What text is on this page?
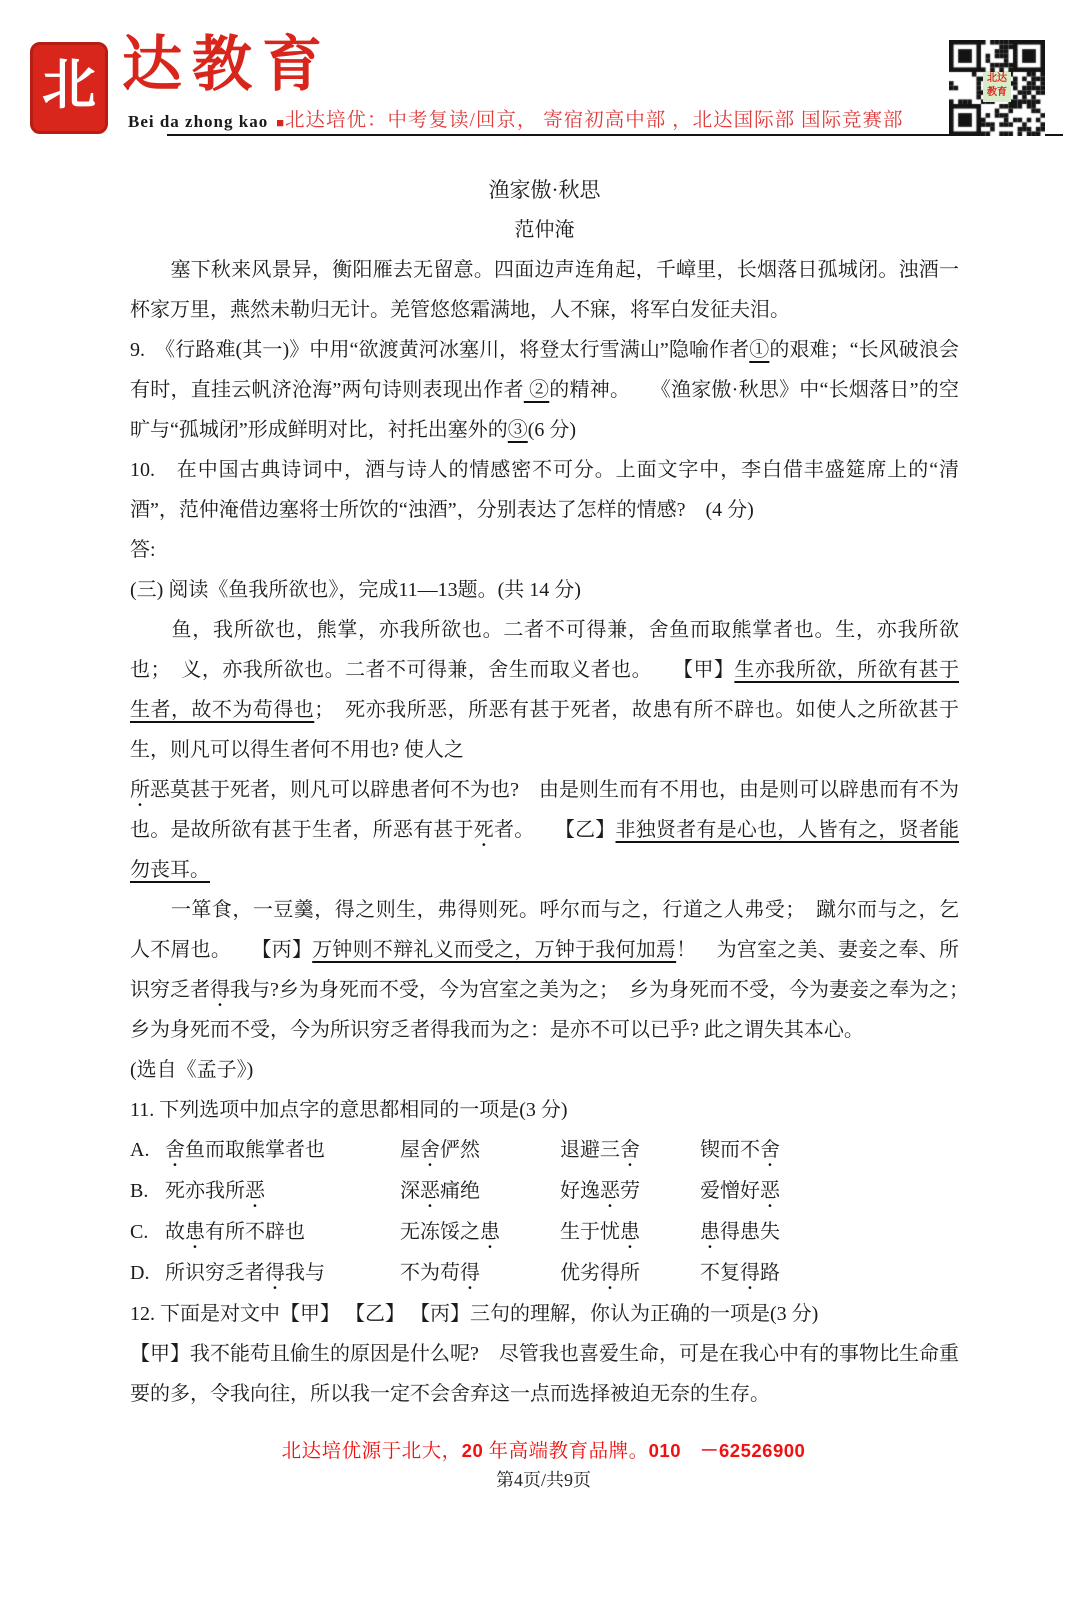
北 达教育
Bei da zhong kao ■ 北达培优：中考复读/回京， 寄宿初高中部 ，北达国际部 国际竞赛部
北达教育

渔家傲·秋思

范仲淹

　　塞下秋来风景异，衡阳雁去无留意。四面边声连角起，千嶂里，长烟落日孤城闭。浊酒一杯家万里，燕然未勒归无计。羌管悠悠霜满地，人不寐，将军白发征夫泪。

9.　《行路难(其一)》中用“欲渡黄河冰塞川，将登太行雪满山”隐喻作者①的艰难；“长风破浪会有时，直挂云帆济沧海”两句诗则表现出作者 ②的精神。　　《渔家傲·秋思》中“长烟落日”的空旷与“孤城闭”形成鲜明对比，衬托出塞外的③(6 分)

10.　在中国古典诗词中，酒与诗人的情感密不可分。上面文字中，李白借丰盛筵席上的“清酒”，范仲淹借边塞将士所饮的“浊酒”，分别表达了怎样的情感?　(4 分)

答:

(三) 阅读《鱼我所欲也》，完成11—13题。(共 14 分)

　　鱼，我所欲也，熊掌，亦我所欲也。二者不可得兼，舍鱼而取熊掌者也。生，亦我所欲也；　义，亦我所欲也。二者不可得兼，舍生而取义者也。　　【甲】生亦我所欲，所欲有甚于生者，故不为苟得也；　死亦我所恶，所恶有甚于死者，故患有所不辟也。如使人之所欲甚于生，则凡可以得生者何不用也? 使人之

所恶莫甚于死者，则凡可以辟患者何不为也?　由是则生而有不用也，由是则可以辟患而有不为也。是故所欲有甚于生者，所恶有甚于死者。　　【乙】非独贤者有是心也，人皆有之，贤者能勿丧耳。

　　一箪食，一豆羹，得之则生，弗得则死。呼尔而与之，行道之人弗受；　蹴尔而与之，乞人不屑也。　　【丙】万钟则不辩礼义而受之，万钟于我何加焉！　为宫室之美、妻妾之奉、所识穷乏者得我与?乡为身死而不受，今为宫室之美为之；　乡为身死而不受，今为妻妾之奉为之；　乡为身死而不受，今为所识穷乏者得我而为之：是亦不可以已乎? 此之谓失其本心。

(选自《孟子》)

11. 下列选项中加点字的意思都相同的一项是(3 分)

A. 舍鱼而取熊掌者也	屋舍俨然	退避三舍	锲而不舍
B. 死亦我所恶	深恶痛绝	好逸恶劳	爱憎好恶
C. 故患有所不辟也	无冻馁之患	生于忧患	患得患失
D. 所识穷乏者得我与	不为苟得	优劣得所	不复得路

12. 下面是对文中【甲】 【乙】 【丙】三句的理解，你认为正确的一项是(3 分)

【甲】我不能苟且偷生的原因是什么呢?　尽管我也喜爱生命，可是在我心中有的事物比生命重要的多，令我向往，所以我一定不会舍弃这一点而选择被迫无奈的生存。

北达培优源于北大，20 年高端教育品牌。010　－62526900
第4页/共9页
